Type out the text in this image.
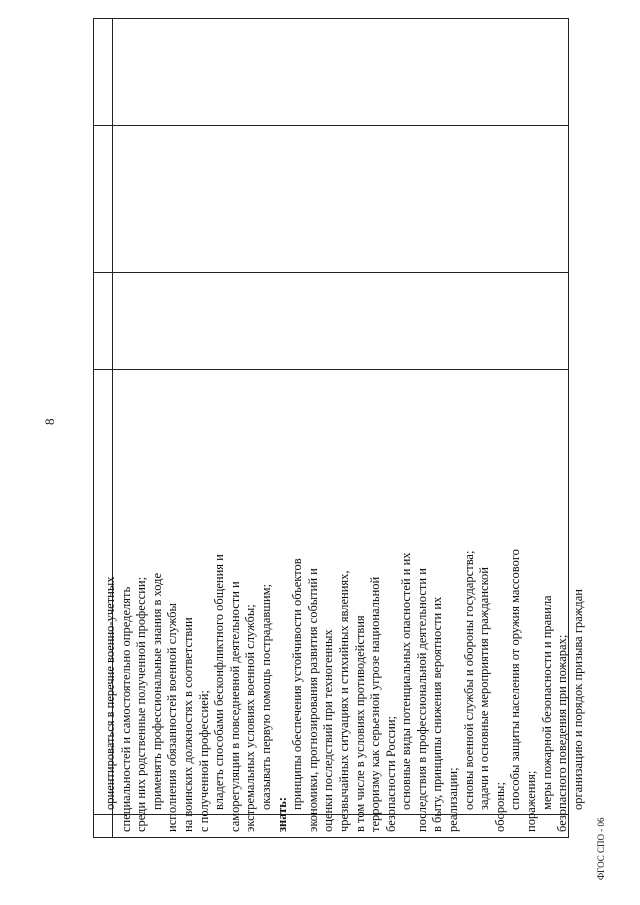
8
ориентироваться в перечне военно-учетных специальностей и самостоятельно определять среди них родственные полученной профессии; применять профессиональные знания в ходе исполнения обязанностей военной службы на воинских должностях в соответствии с полученной профессией; владеть способами бесконфликтного общения и саморегуляции в повседневной деятельности и экстремальных условиях военной службы; оказывать первую помощь пострадавшим;
знать:
принципы обеспечения устойчивости объектов экономики, прогнозирования развития событий и оценки последствий при техногенных чрезвычайных ситуациях и стихийных явлениях, в том числе в условиях противодействия терроризму как серьезной угрозе национальной безопасности России; основные виды потенциальных опасностей и их последствия в профессиональной деятельности и в быту, принципы снижения вероятности их реализации; основы военной службы и обороны государства; задачи и основные мероприятия гражданской обороны; способы защиты населения от оружия массового поражения; меры пожарной безопасности и правила безопасного поведения при пожарах; организацию и порядок призыва граждан
ФГОС СПО - 06
